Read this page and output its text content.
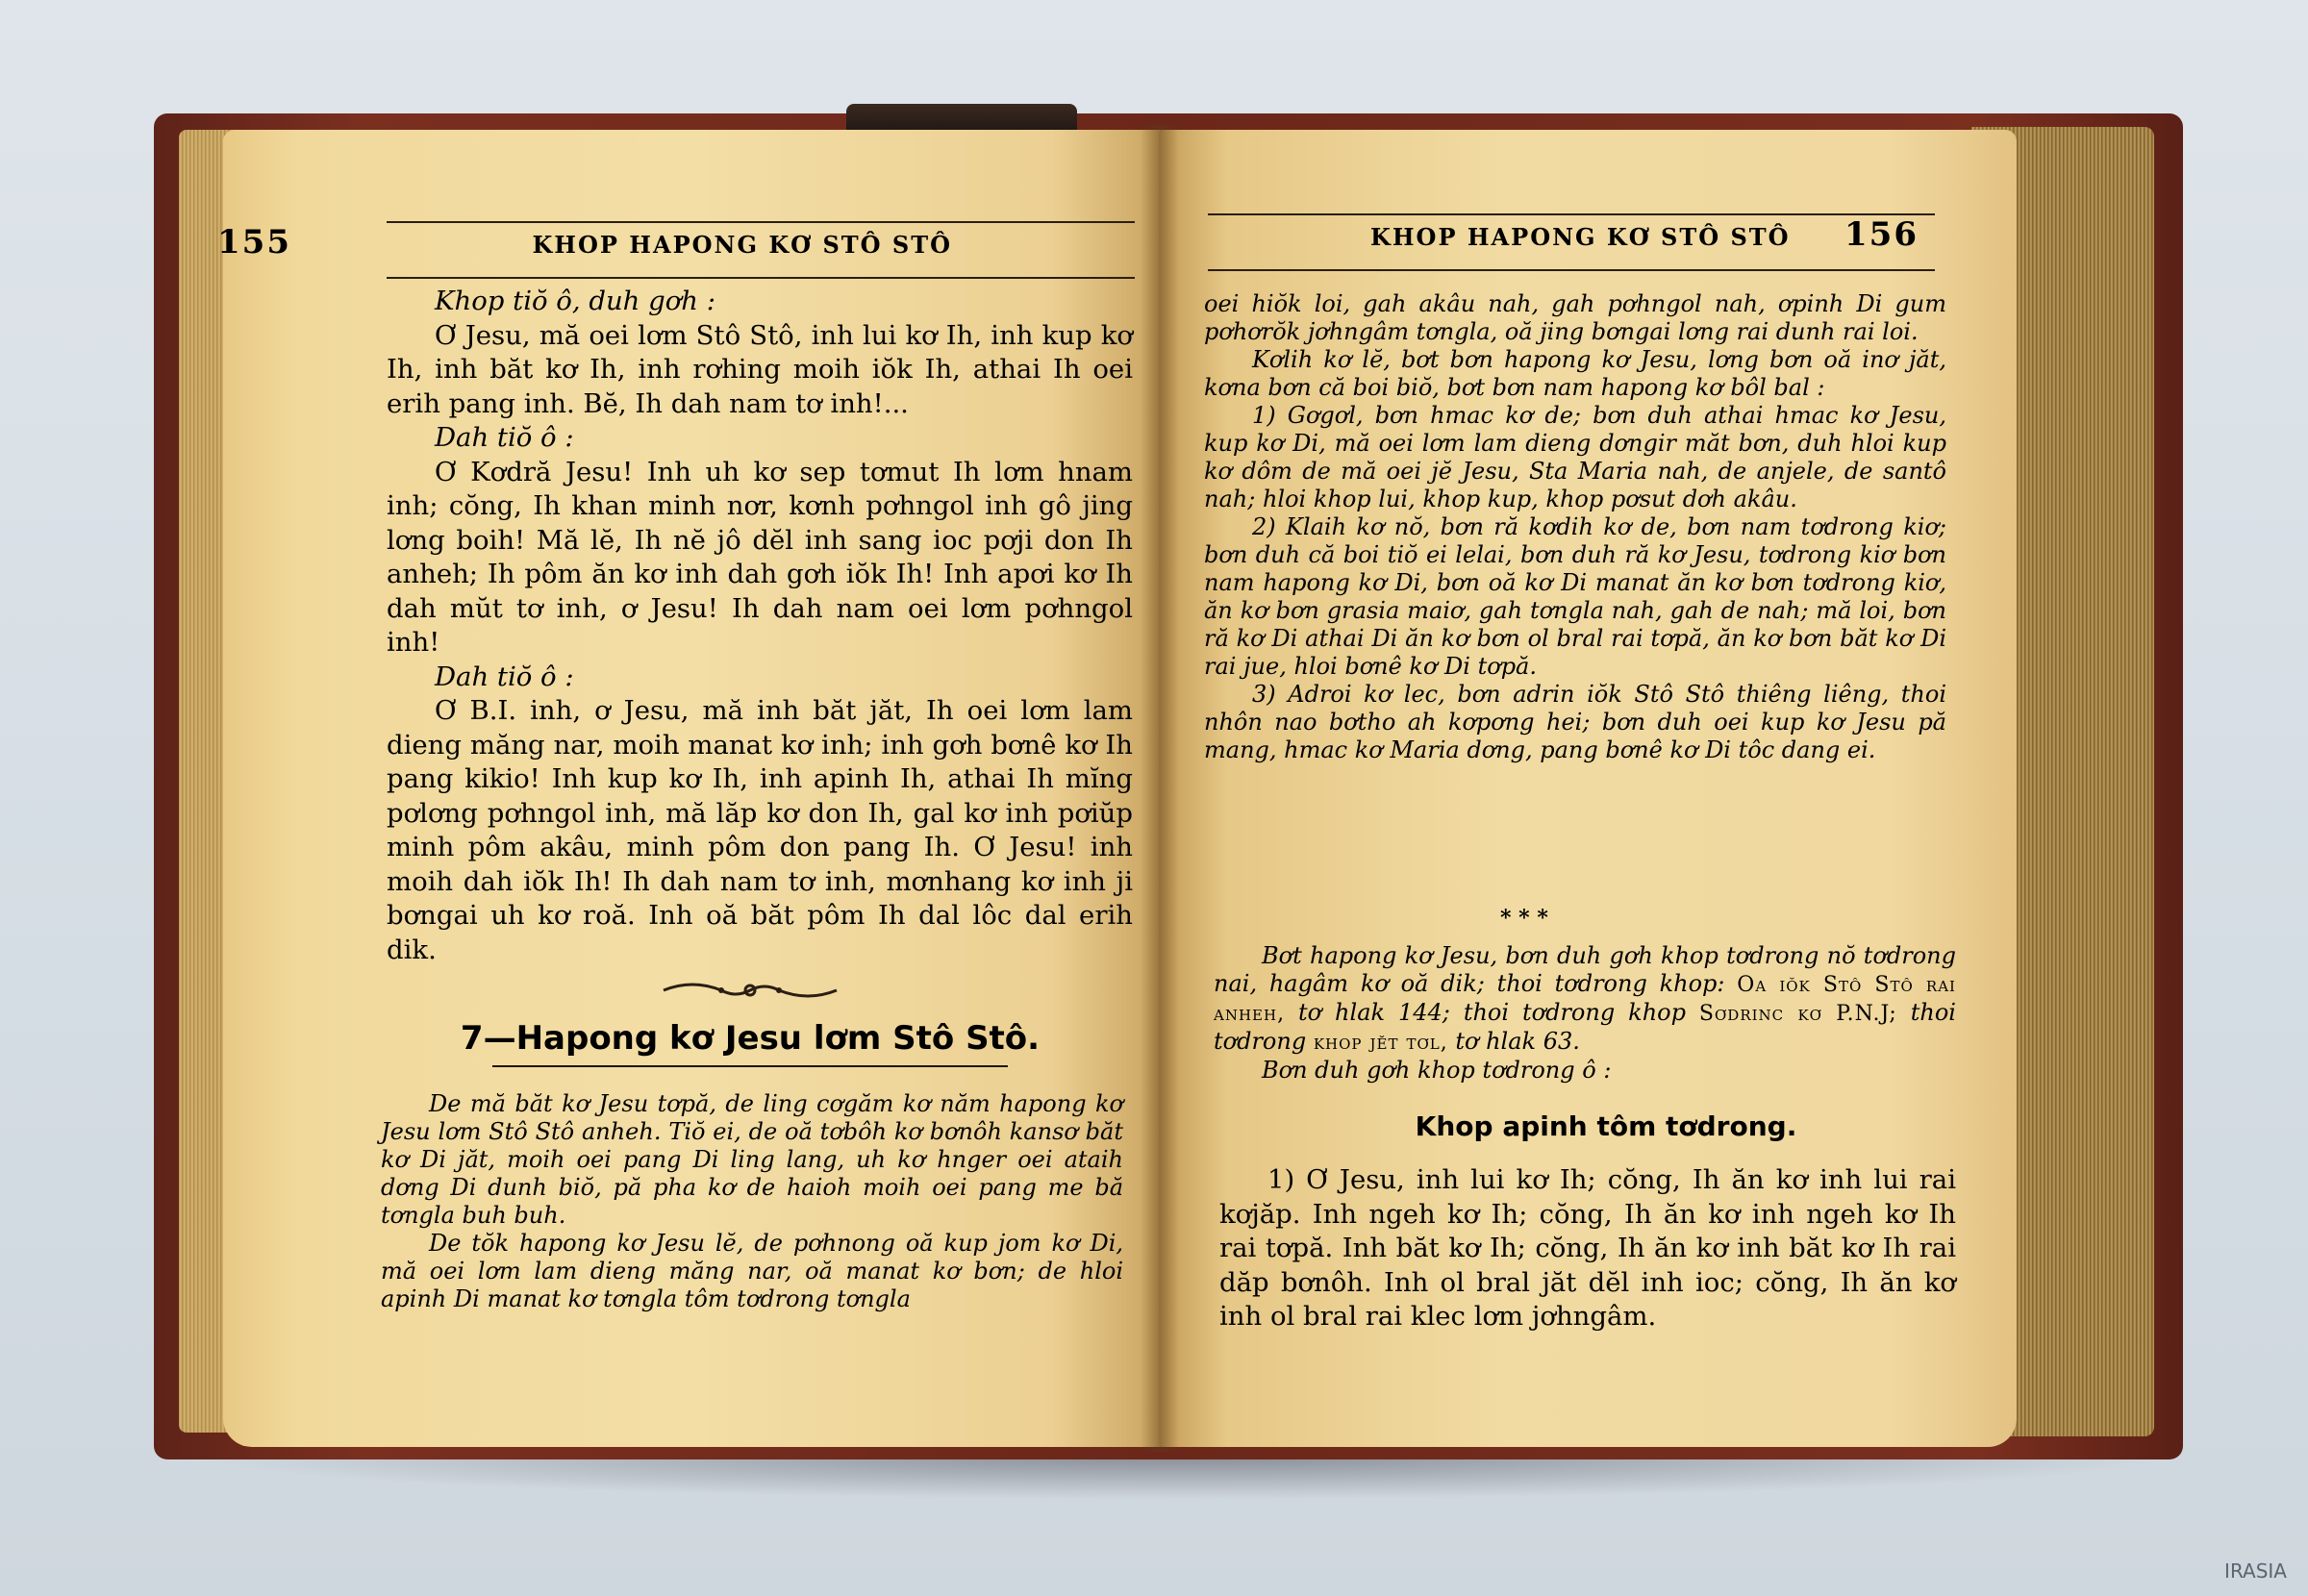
155	KHOP HAPONG KƠ STÔ STÔ

Khop tiŏ ô, duh gơh :

Ơ Jesu, mă oei lơm Stô Stô, inh lui kơ Ih, inh kup kơ Ih, inh băt kơ Ih, inh rơhing moih iŏk Ih, athai Ih oei erih pang inh. Bĕ, Ih dah nam tơ inh!...

Dah tiŏ ô :

Ơ Kơdră Jesu! Inh uh kơ sep tơmut Ih lơm hnam inh; cŏng, Ih khan minh nơr, kơnh pơhngol inh gô jing lơng boih! Mă lĕ, Ih nĕ jô dĕl inh sang ioc pơji don Ih anheh; Ih pôm ăn kơ inh dah gơh iŏk Ih! Inh apơi kơ Ih dah mŭt tơ inh, ơ Jesu! Ih dah nam oei lơm pơhngol inh!

Dah tiŏ ô :

Ơ B.I. inh, ơ Jesu, mă inh băt jăt, Ih oei lơm lam dieng măng nar, moih manat kơ inh; inh gơh bơnê kơ Ih pang kikio! Inh kup kơ Ih, inh apinh Ih, athai Ih mĭng pơlơng pơhngol inh, mă lăp kơ don Ih, gal kơ inh pơiŭp minh pôm akâu, minh pôm don pang Ih. Ơ Jesu! inh moih dah iŏk Ih! Ih dah nam tơ inh, mơnhang kơ inh ji bơngai uh kơ roă. Inh oă băt pôm Ih dal lôc dal erih dik.

7—Hapong kơ Jesu lơm Stô Stô.

De mă băt kơ Jesu tơpă, de ling cơgăm kơ năm hapong kơ Jesu lơm Stô Stô anheh. Tiŏ ei, de oă tơbôh kơ bơnôh kansơ băt kơ Di jăt, moih oei pang Di ling lang, uh kơ hnger oei ataih dơng Di dunh biŏ, pă pha kơ de haioh moih oei pang me bă tơngla buh buh.

De tŏk hapong kơ Jesu lĕ, de pơhnong oă kup jom kơ Di, mă oei lơm lam dieng măng nar, oă manat kơ bơn; de hloi apinh Di manat kơ tơngla tôm tơdrong tơngla

KHOP HAPONG KƠ STÔ STÔ 156

oei hiŏk loi, gah akâu nah, gah pơhngol nah, ơpinh Di gum pơhơrŏk jơhngâm tơngla, oă jing bơngai lơng rai dunh rai loi.

Kơlih kơ lĕ, bơt bơn hapong kơ Jesu, lơng bơn oă inơ jăt, kơna bơn că boi biŏ, bơt bơn nam hapong kơ bôl bal :

1) Gơgơl, bơn hmac kơ de; bơn duh athai hmac kơ Jesu, kup kơ Di, mă oei lơm lam dieng dơngir măt bơn, duh hloi kup kơ dôm de mă oei jĕ Jesu, Sta Maria nah, de anjele, de santô nah; hloi khop lui, khop kup, khop pơsut dơh akâu.

2) Klaih kơ nŏ, bơn ră kơdih kơ de, bơn nam tơdrong kiơ; bơn duh că boi tiŏ ei lelai, bơn duh ră kơ Jesu, tơdrong kiơ bơn nam hapong kơ Di, bơn oă kơ Di manat ăn kơ bơn tơdrong kiơ, ăn kơ bơn grasia maiơ, gah tơngla nah, gah de nah; mă loi, bơn ră kơ Di athai Di ăn kơ bơn ol bral rai tơpă, ăn kơ bơn băt kơ Di rai jue, hloi bơnê kơ Di tơpă.

3) Adroi kơ lec, bơn adrin iŏk Stô Stô thiêng liêng, thoi nhôn nao bơtho ah kơpơng hei; bơn duh oei kup kơ Jesu pă mang, hmac kơ Maria dơng, pang bơnê kơ Di tôc dang ei.

* * *

Bơt hapong kơ Jesu, bơn duh gơh khop tơdrong nŏ tơdrong nai, hagâm kơ oă dik; thoi tơdrong khop: Oa iŏk Stô Stô rai anheh, tơ hlak 144; thoi tơdrong khop Sơdrinc kơ P.N.J; thoi tơdrong khop jĕt tơl, tơ hlak 63.

Bơn duh gơh khop tơdrong ô :

Khop apinh tôm tơdrong.

1) Ơ Jesu, inh lui kơ Ih; cŏng, Ih ăn kơ inh lui rai kơjăp. Inh ngeh kơ Ih; cŏng, Ih ăn kơ inh ngeh kơ Ih rai tơpă. Inh băt kơ Ih; cŏng, Ih ăn kơ inh băt kơ Ih rai dăp bơnôh. Inh ol bral jăt dĕl inh ioc; cŏng, Ih ăn kơ inh ol bral rai klec lơm jơhngâm.

IRASIA
